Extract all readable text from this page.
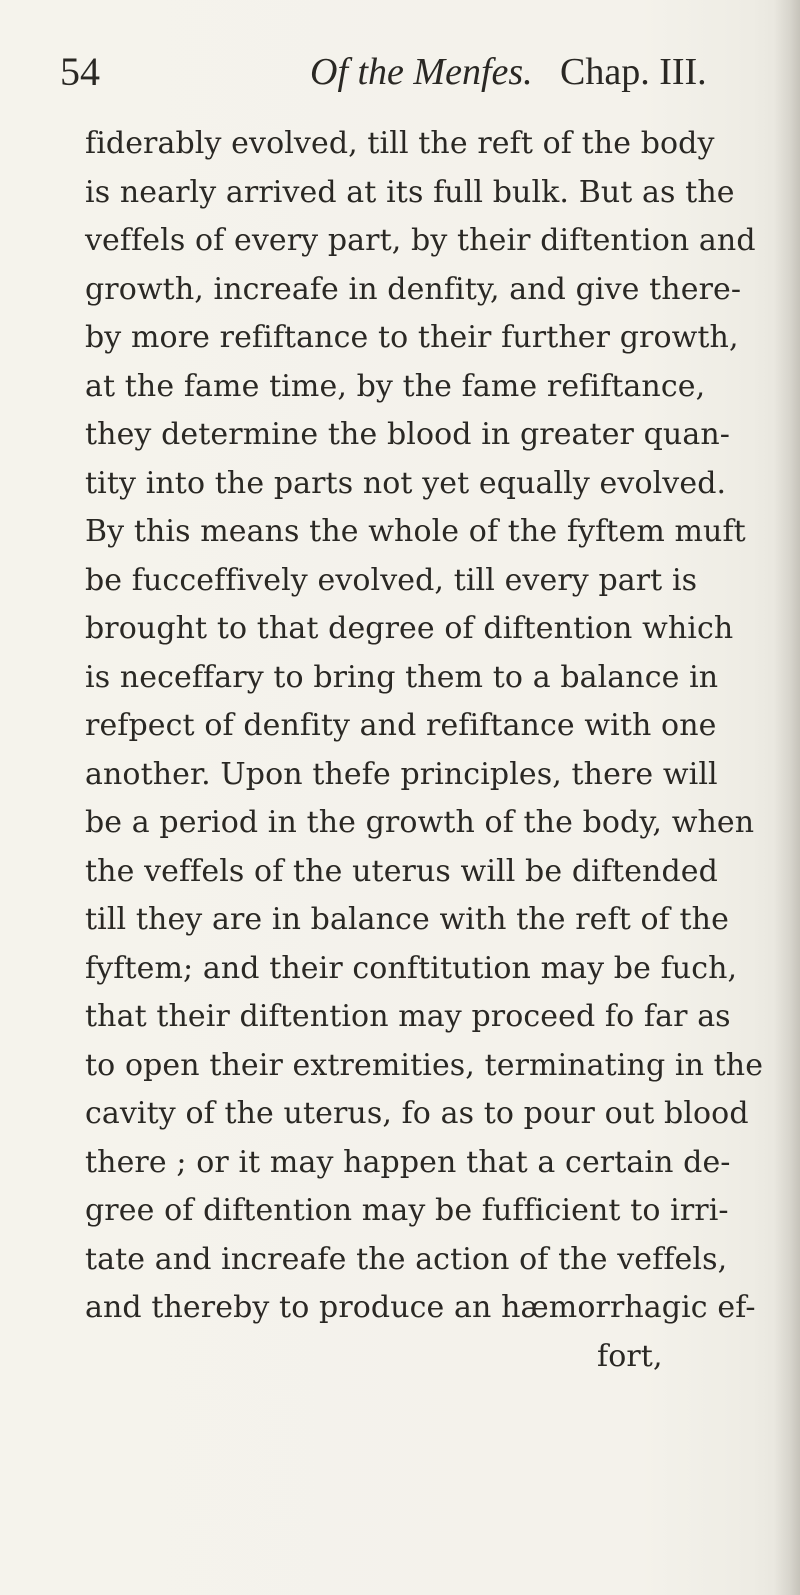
54	Of the Menfes. Chap. III.
fiderably evolved, till the reft of the body
is nearly arrived at its full bulk. But as the
veffels of every part, by their diftention and
growth, increafe in denfity, and give there-
by more refiftance to their further growth,
at the fame time, by the fame refiftance,
they determine the blood in greater quan-
tity into the parts not yet equally evolved.
By this means the whole of the fyftem muft
be fucceffively evolved, till every part is
brought to that degree of diftention which
is neceffary to bring them to a balance in
refpect of denfity and refiftance with one
another. Upon thefe principles, there will
be a period in the growth of the body, when
the veffels of the uterus will be diftended
till they are in balance with the reft of the
fyftem; and their conftitution may be fuch,
that their diftention may proceed fo far as
to open their extremities, terminating in the
cavity of the uterus, fo as to pour out blood
there ; or it may happen that a certain de-
gree of diftention may be fufficient to irri-
tate and increafe the action of the veffels,
and thereby to produce an hæmorrhagic ef-
fort,
